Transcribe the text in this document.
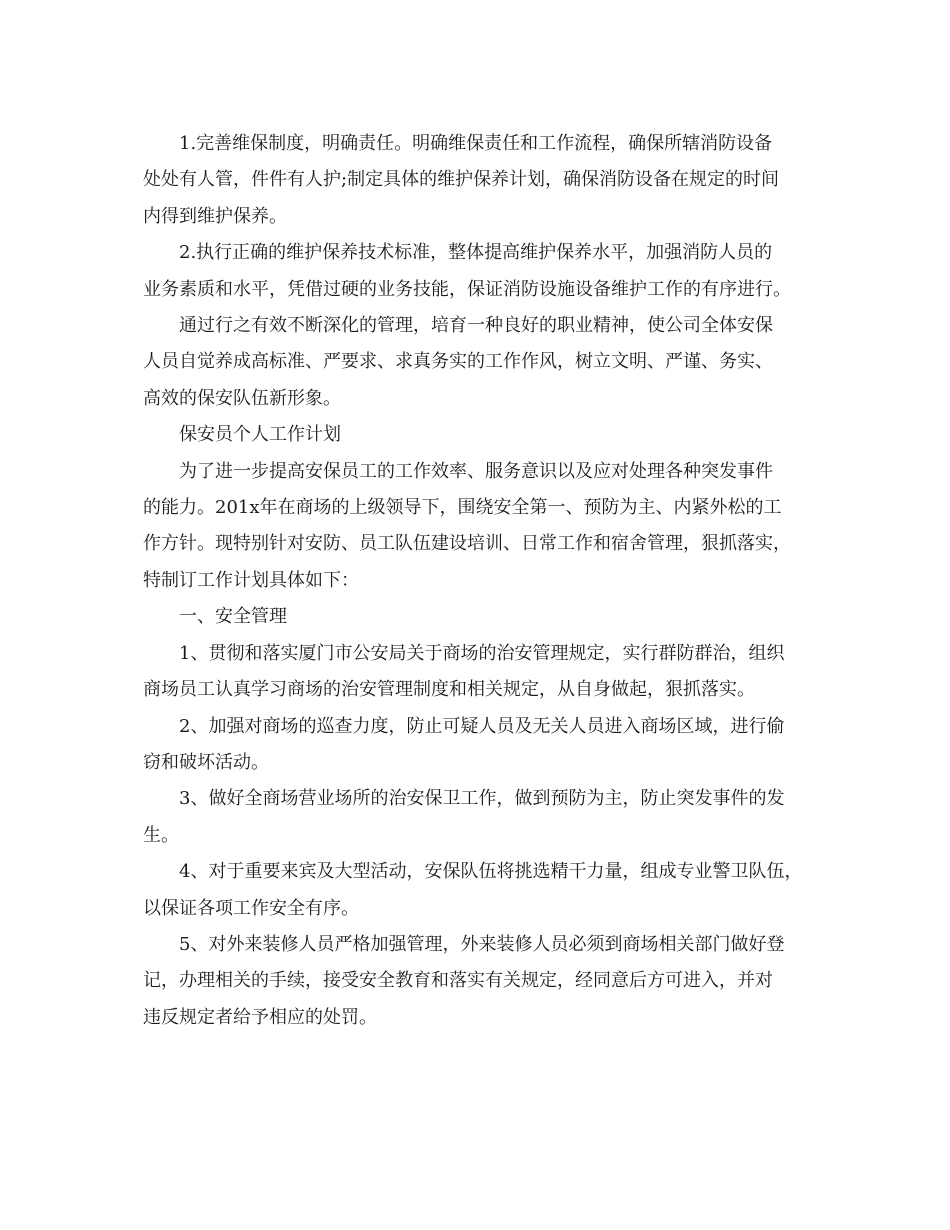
1.完善维保制度，明确责任。明确维保责任和工作流程，确保所辖消防设备
处处有人管，件件有人护;制定具体的维护保养计划，确保消防设备在规定的时间
内得到维护保养。

2.执行正确的维护保养技术标准，整体提高维护保养水平，加强消防人员的
业务素质和水平，凭借过硬的业务技能，保证消防设施设备维护工作的有序进行。

通过行之有效不断深化的管理，培育一种良好的职业精神，使公司全体安保
人员自觉养成高标准、严要求、求真务实的工作作风，树立文明、严谨、务实、
高效的保安队伍新形象。

保安员个人工作计划

为了进一步提高安保员工的工作效率、服务意识以及应对处理各种突发事件
的能力。201x年在商场的上级领导下，围绕安全第一、预防为主、内紧外松的工
作方针。现特别针对安防、员工队伍建设培训、日常工作和宿舍管理，狠抓落实，
特制订工作计划具体如下：

一、安全管理

1、贯彻和落实厦门市公安局关于商场的治安管理规定，实行群防群治，组织
商场员工认真学习商场的治安管理制度和相关规定，从自身做起，狠抓落实。

2、加强对商场的巡查力度，防止可疑人员及无关人员进入商场区域，进行偷
窃和破坏活动。

3、做好全商场营业场所的治安保卫工作，做到预防为主，防止突发事件的发
生。

4、对于重要来宾及大型活动，安保队伍将挑选精干力量，组成专业警卫队伍，
以保证各项工作安全有序。

5、对外来装修人员严格加强管理，外来装修人员必须到商场相关部门做好登
记，办理相关的手续，接受安全教育和落实有关规定，经同意后方可进入，并对
违反规定者给予相应的处罚。
